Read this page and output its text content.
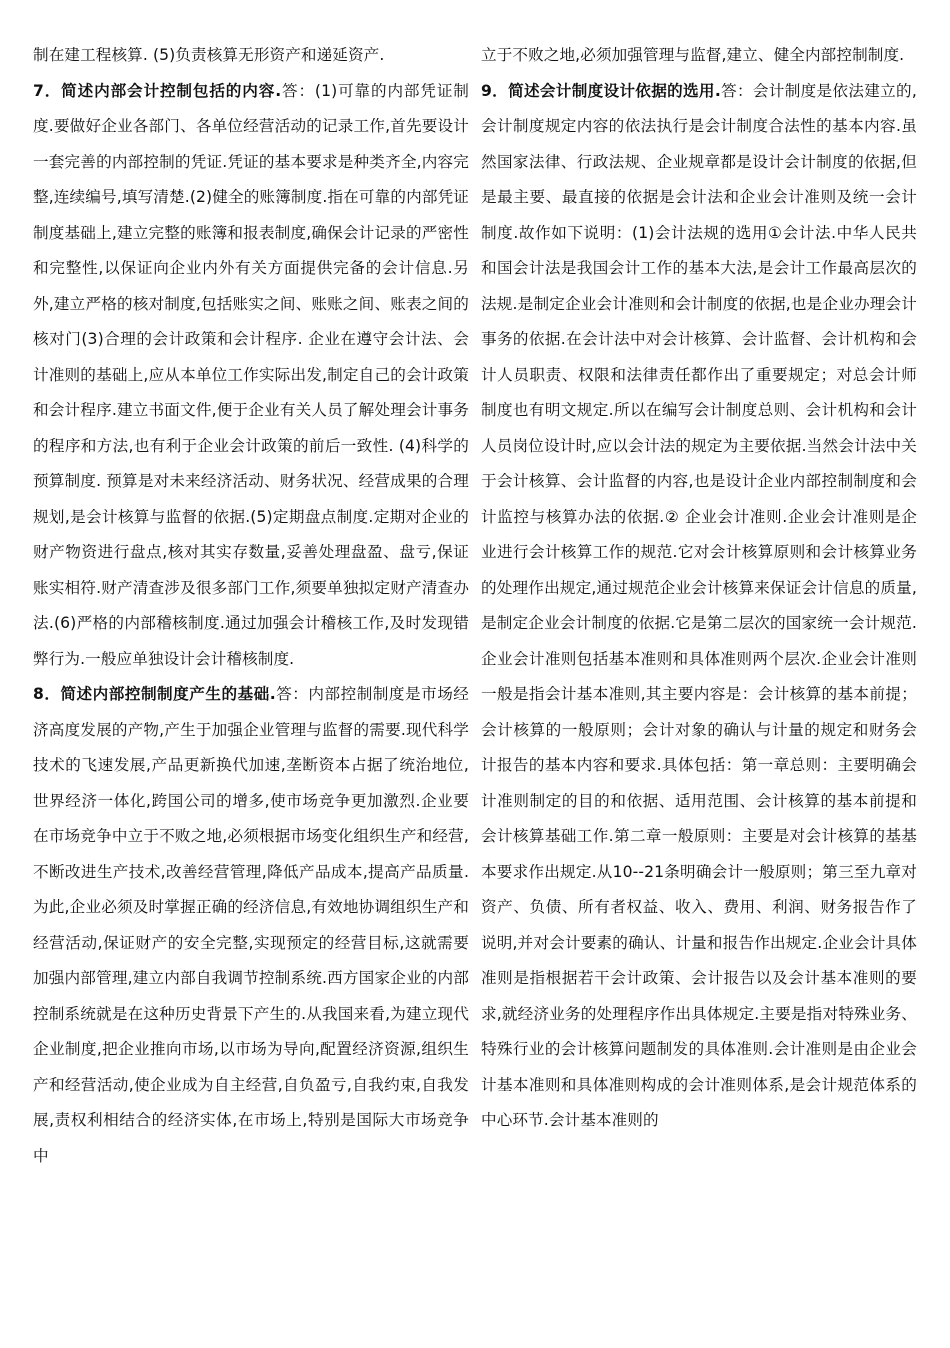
制在建工程核算. (5)负责核算无形资产和递延资产.

7．简述内部会计控制包括的内容.答：(1)可靠的内部凭证制度.要做好企业各部门、各单位经营活动的记录工作,首先要设计一套完善的内部控制的凭证.凭证的基本要求是种类齐全,内容完整,连续编号,填写清楚.(2)健全的账簿制度.指在可靠的内部凭证制度基础上,建立完整的账簿和报表制度,确保会计记录的严密性和完整性,以保证向企业内外有关方面提供完备的会计信息.另外,建立严格的核对制度,包括账实之间、账账之间、账表之间的核对门(3)合理的会计政策和会计程序. 企业在遵守会计法、会计准则的基础上,应从本单位工作实际出发,制定自己的会计政策和会计程序.建立书面文件,便于企业有关人员了解处理会计事务的程序和方法,也有利于企业会计政策的前后一致性. (4)科学的预算制度. 预算是对未来经济活动、财务状况、经营成果的合理规划,是会计核算与监督的依据.(5)定期盘点制度.定期对企业的财产物资进行盘点,核对其实存数量,妥善处理盘盈、盘亏,保证账实相符.财产清查涉及很多部门工作,须要单独拟定财产清查办法.(6)严格的内部稽核制度.通过加强会计稽核工作,及时发现错弊行为.一般应单独设计会计稽核制度.

8．简述内部控制制度产生的基础.答：内部控制制度是市场经济高度发展的产物,产生于加强企业管理与监督的需要.现代科学技术的飞速发展,产品更新换代加速,垄断资本占据了统治地位,世界经济一体化,跨国公司的增多,使市场竞争更加激烈.企业要在市场竞争中立于不败之地,必须根据市场变化组织生产和经营,不断改进生产技术,改善经营管理,降低产品成本,提高产品质量.为此,企业必须及时掌握正确的经济信息,有效地协调组织生产和经营活动,保证财产的安全完整,实现预定的经营目标,这就需要加强内部管理,建立内部自我调节控制系统.西方国家企业的内部控制系统就是在这种历史背景下产生的.从我国来看,为建立现代企业制度,把企业推向市场,以市场为导向,配置经济资源,组织生产和经营活动,使企业成为自主经营,自负盈亏,自我约束,自我发展,责权利相结合的经济实体,在市场上,特别是国际大市场竞争中

立于不败之地,必须加强管理与监督,建立、健全内部控制制度.

9．简述会计制度设计依据的选用.答：会计制度是依法建立的,会计制度规定内容的依法执行是会计制度合法性的基本内容.虽然国家法律、行政法规、企业规章都是设计会计制度的依据,但是最主要、最直接的依据是会计法和企业会计准则及统一会计制度.故作如下说明：(1)会计法规的选用①会计法.中华人民共和国会计法是我国会计工作的基本大法,是会计工作最高层次的法规.是制定企业会计准则和会计制度的依据,也是企业办理会计事务的依据.在会计法中对会计核算、会计监督、会计机构和会计人员职责、权限和法律责任都作出了重要规定；对总会计师制度也有明文规定.所以在编写会计制度总则、会计机构和会计人员岗位设计时,应以会计法的规定为主要依据.当然会计法中关于会计核算、会计监督的内容,也是设计企业内部控制制度和会计监控与核算办法的依据.② 企业会计准则.企业会计准则是企业进行会计核算工作的规范.它对会计核算原则和会计核算业务的处理作出规定,通过规范企业会计核算来保证会计信息的质量,是制定企业会计制度的依据.它是第二层次的国家统一会计规范.企业会计准则包括基本准则和具体准则两个层次.企业会计准则一般是指会计基本准则,其主要内容是：会计核算的基本前提；会计核算的一般原则；会计对象的确认与计量的规定和财务会计报告的基本内容和要求.具体包括：第一章总则：主要明确会计准则制定的目的和依据、适用范围、会计核算的基本前提和会计核算基础工作.第二章一般原则：主要是对会计核算的基基本要求作出规定.从10--21条明确会计一般原则；第三至九章对资产、负债、所有者权益、收入、费用、利润、财务报告作了说明,并对会计要素的确认、计量和报告作出规定.企业会计具体准则是指根据若干会计政策、会计报告以及会计基本准则的要求,就经济业务的处理程序作出具体规定.主要是指对特殊业务、特殊行业的会计核算问题制发的具体准则.会计准则是由企业会计基本准则和具体准则构成的会计准则体系,是会计规范体系的中心环节.会计基本准则的
